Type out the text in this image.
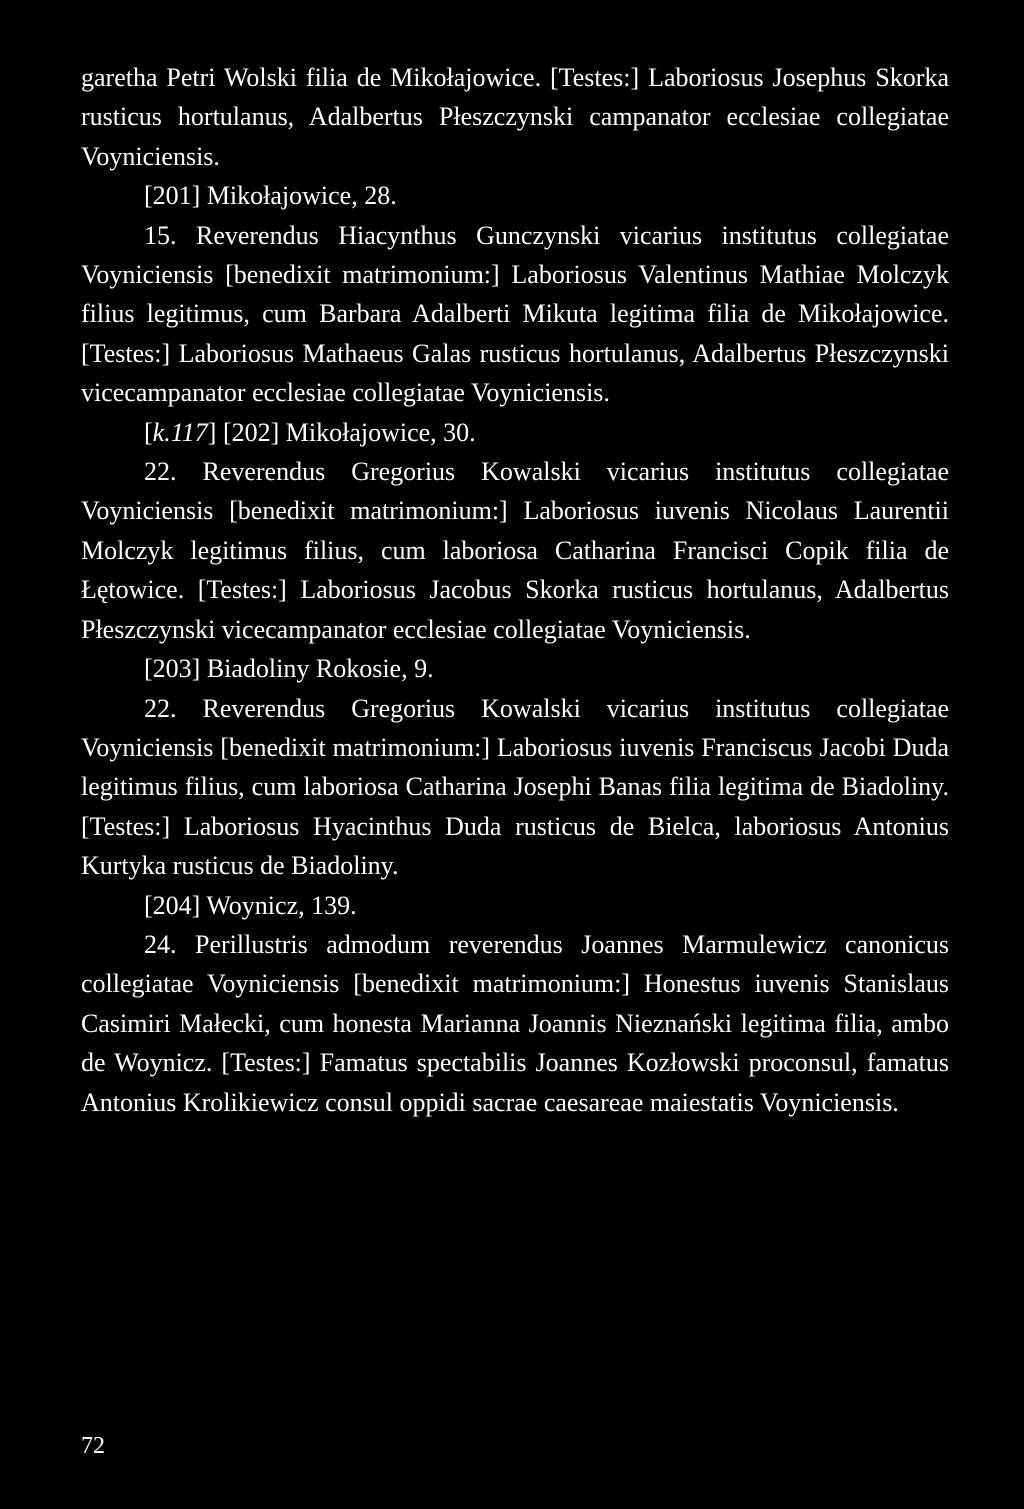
garetha Petri Wolski filia de Mikołajowice. [Testes:] Laboriosus Josephus Skorka rusticus hortulanus, Adalbertus Płeszczynski campanator ecclesiae collegiatae Voyniciensis.

[201] Mikołajowice, 28.

15. Reverendus Hiacynthus Gunczynski vicarius institutus collegiatae Voyniciensis [benedixit matrimonium:] Laboriosus Valentinus Mathiae Molczyk filius legitimus, cum Barbara Adalberti Mikuta legitima filia de Mikołajowice. [Testes:] Laboriosus Mathaeus Galas rusticus hortulanus, Adalbertus Płeszczynski vicecampanator ecclesiae collegiatae Voyniciensis.

[k.117] [202] Mikołajowice, 30.

22. Reverendus Gregorius Kowalski vicarius institutus collegiatae Voyniciensis [benedixit matrimonium:] Laboriosus iuvenis Nicolaus Laurentii Molczyk legitimus filius, cum laboriosa Catharina Francisci Copik filia de Łętowice. [Testes:] Laboriosus Jacobus Skorka rusticus hortulanus, Adalbertus Płeszczynski vicecampanator ecclesiae collegiatae Voyniciensis.

[203] Biadoliny Rokosie, 9.

22. Reverendus Gregorius Kowalski vicarius institutus collegiatae Voyniciensis [benedixit matrimonium:] Laboriosus iuvenis Franciscus Jacobi Duda legitimus filius, cum laboriosa Catharina Josephi Banas filia legitima de Biadoliny. [Testes:] Laboriosus Hyacinthus Duda rusticus de Bielca, laboriosus Antonius Kurtyka rusticus de Biadoliny.

[204] Woynicz, 139.

24. Perillustris admodum reverendus Joannes Marmulewicz canonicus collegiatae Voyniciensis [benedixit matrimonium:] Honestus iuvenis Stanislaus Casimiri Małecki, cum honesta Marianna Joannis Nieznański legitima filia, ambo de Woynicz. [Testes:] Famatus spectabilis Joannes Kozłowski proconsul, famatus Antonius Krolikiewicz consul oppidi sacrae caesareae maiestatis Voyniciensis.

72
